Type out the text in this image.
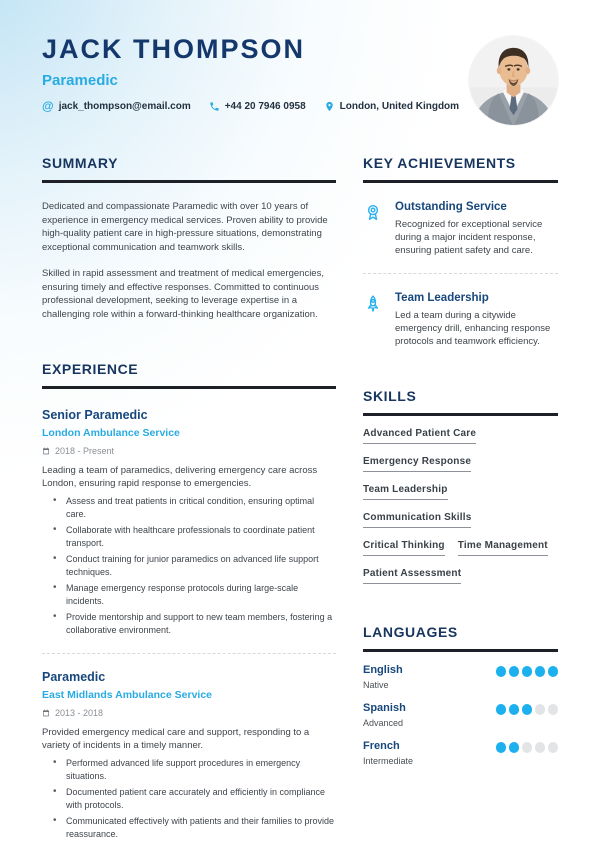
JACK THOMPSON
Paramedic
@ jack_thompson@email.com	+44 20 7946 0958	London, United Kingdom
SUMMARY

Dedicated and compassionate Paramedic with over 10 years of experience in emergency medical services. Proven ability to provide high-quality patient care in high-pressure situations, demonstrating exceptional communication and teamwork skills.

Skilled in rapid assessment and treatment of medical emergencies, ensuring timely and effective responses. Committed to continuous professional development, seeking to leverage expertise in a challenging role within a forward-thinking healthcare organization.

EXPERIENCE
Senior Paramedic
London Ambulance Service
2018 - Present
Leading a team of paramedics, delivering emergency care across London, ensuring rapid response to emergencies.
• Assess and treat patients in critical condition, ensuring optimal care.
• Collaborate with healthcare professionals to coordinate patient transport.
• Conduct training for junior paramedics on advanced life support techniques.
• Manage emergency response protocols during large-scale incidents.
• Provide mentorship and support to new team members, fostering a collaborative environment.
Paramedic
East Midlands Ambulance Service
2013 - 2018
Provided emergency medical care and support, responding to a variety of incidents in a timely manner.
• Performed advanced life support procedures in emergency situations.
• Documented patient care accurately and efficiently in compliance with protocols.
• Communicated effectively with patients and their families to provide reassurance.
KEY ACHIEVEMENTS
Outstanding Service
Recognized for exceptional service during a major incident response, ensuring patient safety and care.
Team Leadership
Led a team during a citywide emergency drill, enhancing response protocols and teamwork efficiency.
SKILLS
Advanced Patient Care
Emergency Response
Team Leadership
Communication Skills
Critical Thinking Time Management
Patient Assessment
LANGUAGES
English
Native
Spanish
Advanced
French
Intermediate
